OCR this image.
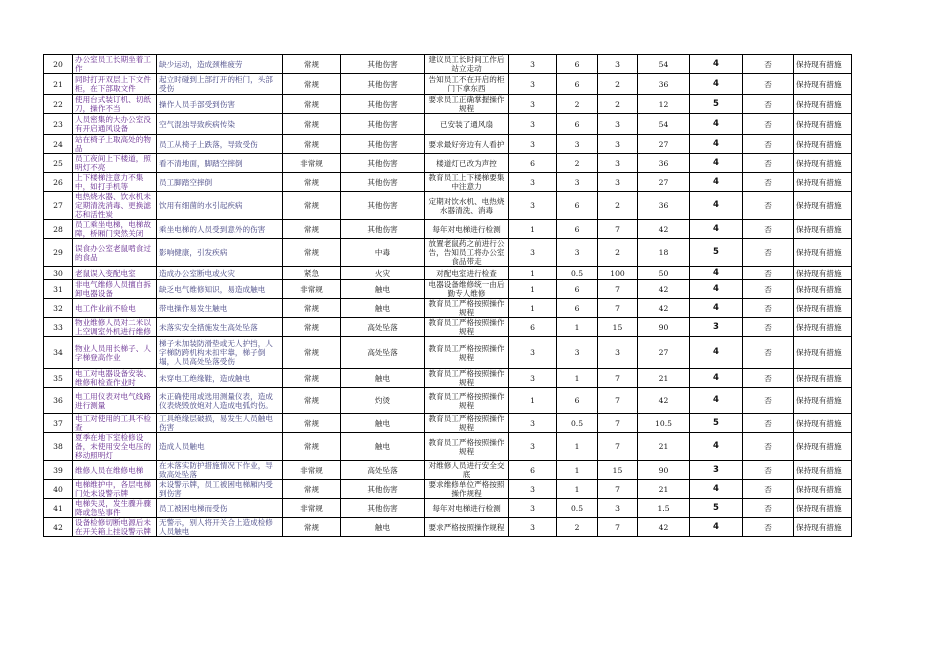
20	办公室员工长期坐着工作	缺少运动，造成颈椎疲劳	常规	其他伤害	建议员工长时间工作后站立走动	3	6	3	54	4	否	保持现有措施
21	同时打开双层上下文件柜，在下部取文件	起立时碰到上部打开的柜门，头部受伤	常规	其他伤害	告知员工不在开启的柜门下拿东西	3	6	2	36	4	否	保持现有措施
22	使用台式装订机、切纸刀，操作不当	操作人员手部受到伤害	常规	其他伤害	要求员工正确掌握操作规程	3	2	2	12	5	否	保持现有措施
23	人员密集的大办公室没有开启通风设备	空气混浊导致疾病传染	常规	其他伤害	已安装了通风扇	3	6	3	54	4	否	保持现有措施
24	站在椅子上取高处的物品	员工从椅子上跌落，导致受伤	常规	其他伤害	要求最好旁边有人看护	3	3	3	27	4	否	保持现有措施
25	员工夜间上下楼道，照明灯不亮	看不清地面，脚踏空摔倒	非常规	其他伤害	楼道灯已改为声控	6	2	3	36	4	否	保持现有措施
26	上下楼梯注意力不集中，如打手机等	员工脚踏空摔倒	常规	其他伤害	教育员工上下楼梯要集中注意力	3	3	3	27	4	否	保持现有措施
27	电热烧水器、饮水机未定期清洗消毒、更换滤芯和活性炭	饮用有细菌的水引起疾病	常规	其他伤害	定期对饮水机、电热烧水器清洗、消毒	3	6	2	36	4	否	保持现有措施
28	员工乘坐电梯，电梯故障，桥厢门突然关闭	乘坐电梯的人员受到意外的伤害	常规	其他伤害	每年对电梯进行检测	1	6	7	42	4	否	保持现有措施
29	误食办公室老鼠啃食过的食品	影响健康，引发疾病	常规	中毒	放置老鼠药之前进行公告，告知员工将办公室食品带走	3	3	2	18	5	否	保持现有措施
30	老鼠误入变配电室	造成办公室断电或火灾	紧急	火灾	对配电室进行检查	1	0.5	100	50	4	否	保持现有措施
31	非电气维修人员擅自拆卸电器设备	缺乏电气维修知识，易造成触电	非常规	触电	电器设备维修统一由后勤专人维修	1	6	7	42	4	否	保持现有措施
32	电工作业前不验电	带电操作易发生触电	常规	触电	教育员工严格按照操作规程	1	6	7	42	4	否	保持现有措施
33	物业维修人员对二米以上空调室外机进行维修	未落实安全措施发生高处坠落	常规	高处坠落	教育员工严格按照操作规程	6	1	15	90	3	否	保持现有措施
34	物业人员用长梯子、人字梯登高作业	梯子未加装防滑垫或无人护挡，人字梯防跨机构未扣牢靠，梯子倒塌，人员高处坠落受伤	常规	高处坠落	教育员工严格按照操作规程	3	3	3	27	4	否	保持现有措施
35	电工对电器设备安装、维修和检查作业时	未穿电工绝缘鞋，造成触电	常规	触电	教育员工严格按照操作规程	3	1	7	21	4	否	保持现有措施
36	电工用仪表对电气线路进行测量	未正确使用或选用测量仪表，造成仪表烧毁放炮对人造成电弧灼伤。	常规	灼烫	教育员工严格按照操作规程	1	6	7	42	4	否	保持现有措施
37	电工对使用的工具不检查	工具绝缘层破损，易发生人员触电伤害	常规	触电	教育员工严格按照操作规程	3	0.5	7	10.5	5	否	保持现有措施
38	夏季在地下室检修设备，未使用安全电压的移动照明灯	造成人员触电	常规	触电	教育员工严格按照操作规程	3	1	7	21	4	否	保持现有措施
39	维修人员在维修电梯	在未落实防护措施情况下作业，导致高处坠落	非常规	高处坠落	对维修人员进行安全交底	6	1	15	90	3	否	保持现有措施
40	电梯维护中，各层电梯门处未设警示牌	未设警示牌，员工被困电梯厢内受到伤害	常规	其他伤害	要求维修单位严格按照操作规程	3	1	7	21	4	否	保持现有措施
41	电梯失灵，发生骤升骤降或急坠事件	员工被困电梯而受伤	非常规	其他伤害	每年对电梯进行检测	3	0.5	3	1.5	5	否	保持现有措施
42	设备检修切断电源后未在开关箱上挂设警示牌	无警示，别人将开关合上造成检修人员触电	常规	触电	要求严格按照操作规程	3	2	7	42	4	否	保持现有措施
